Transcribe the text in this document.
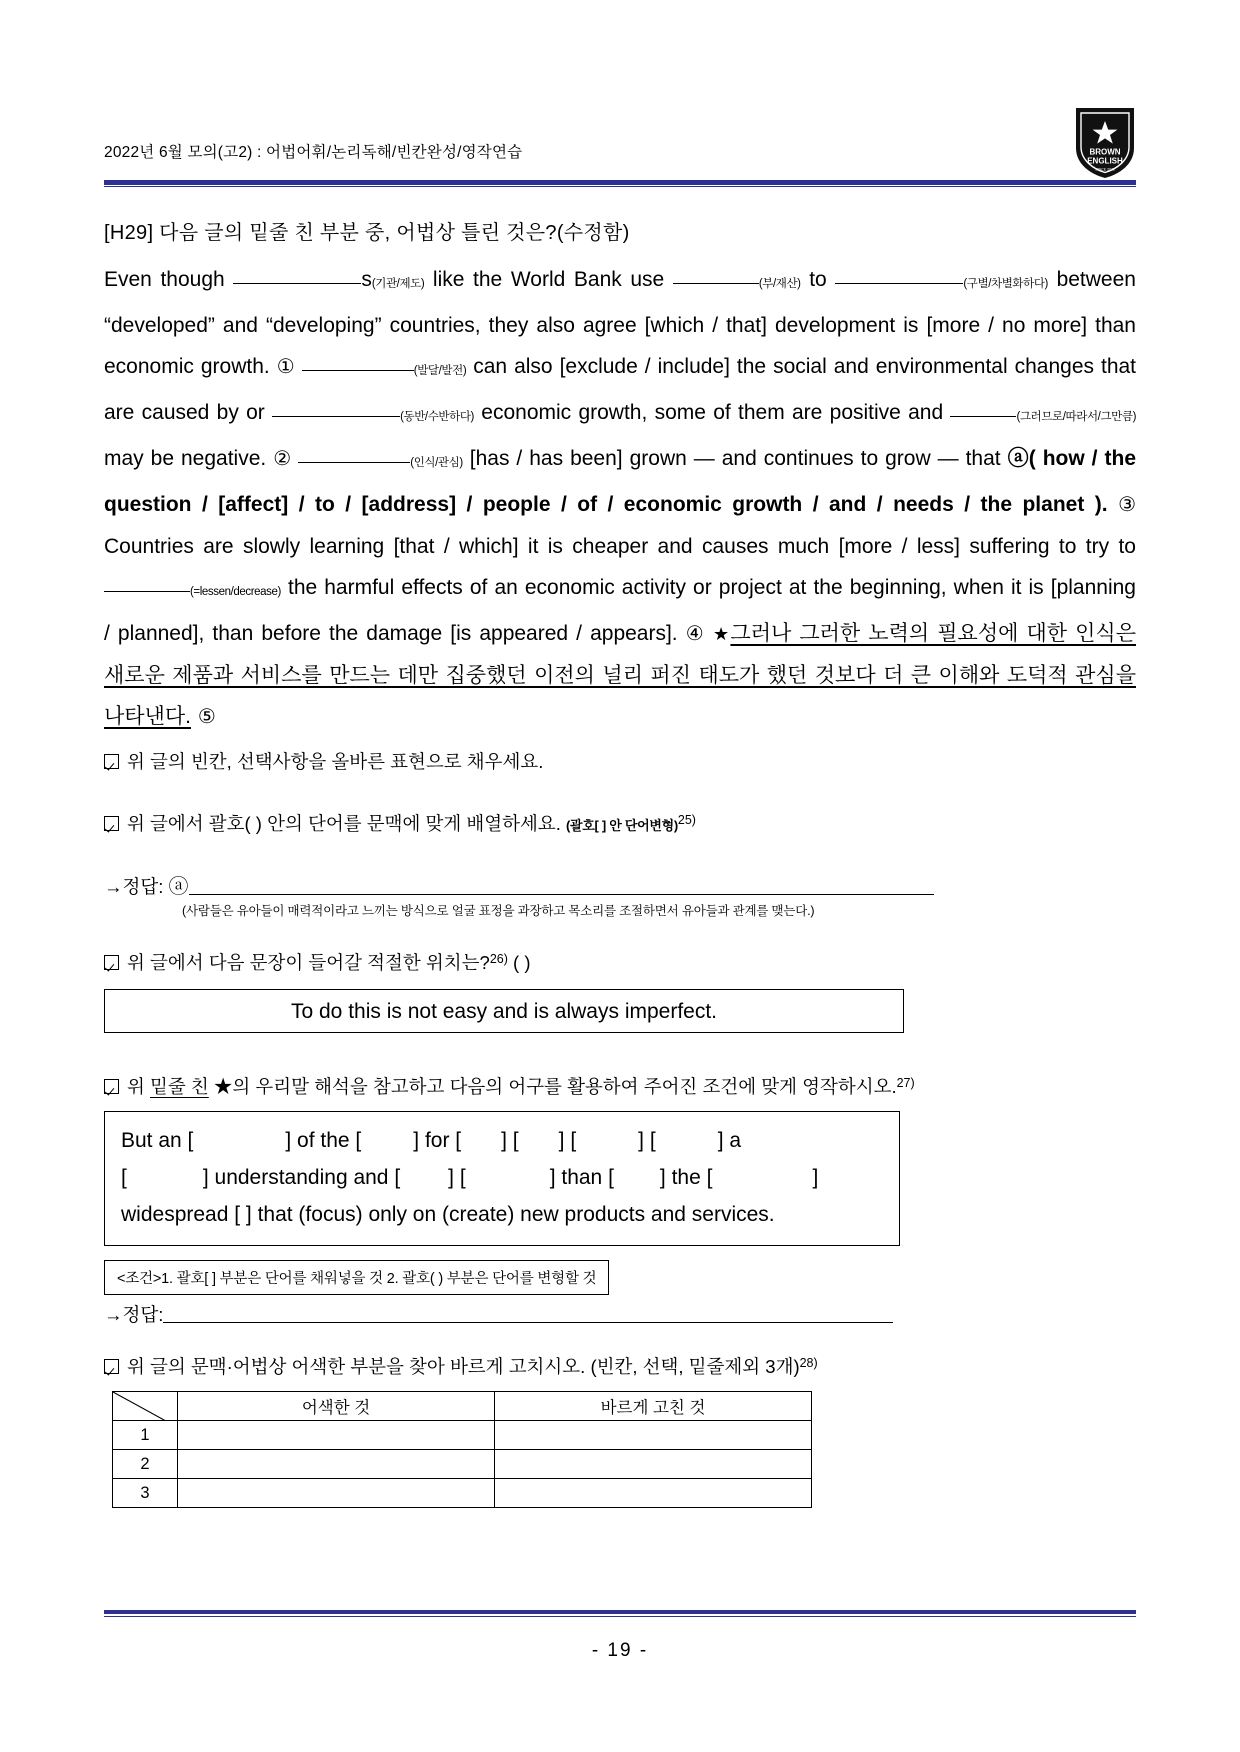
2022년 6월 모의(고2) : 어법어휘/논리독해/빈칸완성/영작연습	BROWN
ENGLISH
SINCE 2011
[H29] 다음 글의 밑줄 친 부분 중, 어법상 틀린 것은?(수정함)
Even though	s(기관/제도) like the World Bank use	(부/재산) to	(구별/차별화하다) between “developed” and “developing” countries, they also agree [which / that] development is [more / no more] than economic growth. ①	(발달/발전) can also [exclude / include] the social and environmental changes that are caused by or	(동반/수반하다) economic growth, some of them are positive and	(그러므로/따라서/그만큼) may be negative. ②	(인식/관심) [has / has been] grown — and continues to grow — that ⓐ( how / the question / [affect] / to / [address] / people / of / economic growth / and / needs / the planet ). ③ Countries are slowly learning [that / which] it is cheaper and causes much [more / less] suffering to try to (=lessen/decrease) the harmful effects of an economic activity or project at the beginning, when it is [planning / planned], than before the damage [is appeared / appears]. ④ ★그러나 그러한 노력의 필요성에 대한 인식은 새로운 제품과 서비스를 만드는 데만 집중했던 이전의 널리 퍼진 태도가 했던 것보다 더 큰 이해와 도덕적 관심을 나타낸다. ⑤
위 글의 빈칸, 선택사항을 올바른 표현으로 채우세요.
위 글에서 괄호( ) 안의 단어를 문맥에 맞게 배열하세요. (괄호[ ] 안 단어변형)$^{25)}$
→정답: ⓐ
(사람들은 유아들이 매력적이라고 느끼는 방식으로 얼굴 표정을 과장하고 목소리를 조절하면서 유아들과 관계를 맺는다.)
위 글에서 다음 문장이 들어갈 적절한 위치는?$^{26)}$ ( )
To do this is not easy and is always imperfect.
위 밑줄 친 ★의 우리말 해석을 참고하고 다음의 어구를 활용하여 주어진 조건에 맞게 영작하시오.$^{27)}$
But an [	] of the [ ] for [ ] [ ] [	] [	] a
[	] understanding and [ ] [	] than [ ] the [	]
widespread [ ] that (focus) only on (create) new products and services.
<조건>1. 괄호[ ] 부분은 단어를 채워넣을 것 2. 괄호( ) 부분은 단어를 변형할 것
→정답:
위 글의 문맥·어법상 어색한 부분을 찾아 바르게 고치시오. (빈칸, 선택, 밑줄제외 3개)$^{28)}$
	어색한 것	바르게 고친 것
1		
2		
3		
- 19 -
